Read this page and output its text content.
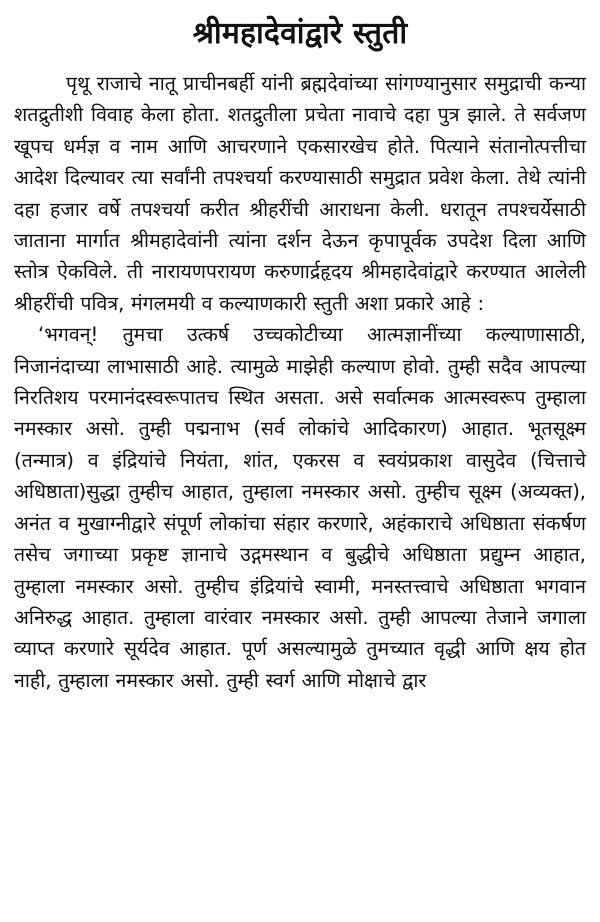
श्रीमहादेवांद्वारे स्तुती

पृथू राजाचे नातू प्राचीनबर्ही यांनी ब्रह्मदेवांच्या सांगण्यानुसार समुद्राची कन्या शतद्रुतीशी विवाह केला होता. शतद्रुतीला प्रचेता नावाचे दहा पुत्र झाले. ते सर्वजण खूपच धर्मज्ञ व नाम आणि आचरणाने एकसारखेच होते. पित्याने संतानोत्पत्तीचा आदेश दिल्यावर त्या सर्वांनी तपश्चर्या करण्यासाठी समुद्रात प्रवेश केला. तेथे त्यांनी दहा हजार वर्षे तपश्चर्या करीत श्रीहरींची आराधना केली. धरातून तपश्चर्येसाठी जाताना मार्गात श्रीमहादेवांनी त्यांना दर्शन देऊन कृपापूर्वक उपदेश दिला आणि स्तोत्र ऐकविले. ती नारायणपरायण करुणार्द्रहृदय श्रीमहादेवांद्वारे करण्यात आलेली श्रीहरींची पवित्र, मंगलमयी व कल्याणकारी स्तुती अशा प्रकारे आहे :

‘भगवन्! तुमचा उत्कर्ष उच्चकोटीच्या आत्मज्ञानींच्या कल्याणासाठी, निजानंदाच्या लाभासाठी आहे. त्यामुळे माझेही कल्याण होवो. तुम्ही सदैव आपल्या निरतिशय परमानंदस्वरूपातच स्थित असता. असे सर्वात्मक आत्मस्वरूप तुम्हाला नमस्कार असो. तुम्ही पद्मनाभ (सर्व लोकांचे आदिकारण) आहात. भूतसूक्ष्म (तन्मात्र) व इंद्रियांचे नियंता, शांत, एकरस व स्वयंप्रकाश वासुदेव (चित्ताचे अधिष्ठाता)सुद्धा तुम्हीच आहात, तुम्हाला नमस्कार असो. तुम्हीच सूक्ष्म (अव्यक्त), अनंत व मुखाग्नीद्वारे संपूर्ण लोकांचा संहार करणारे, अहंकाराचे अधिष्ठाता संकर्षण तसेच जगाच्या प्रकृष्ट ज्ञानाचे उद्गमस्थान व बुद्धीचे अधिष्ठाता प्रद्युम्न आहात, तुम्हाला नमस्कार असो. तुम्हीच इंद्रियांचे स्वामी, मनस्तत्त्वाचे अधिष्ठाता भगवान अनिरुद्ध आहात. तुम्हाला वारंवार नमस्कार असो. तुम्ही आपल्या तेजाने जगाला व्याप्त करणारे सूर्यदेव आहात. पूर्ण असल्यामुळे तुमच्यात वृद्धी आणि क्षय होत नाही, तुम्हाला नमस्कार असो. तुम्ही स्वर्ग आणि मोक्षाचे द्वार
